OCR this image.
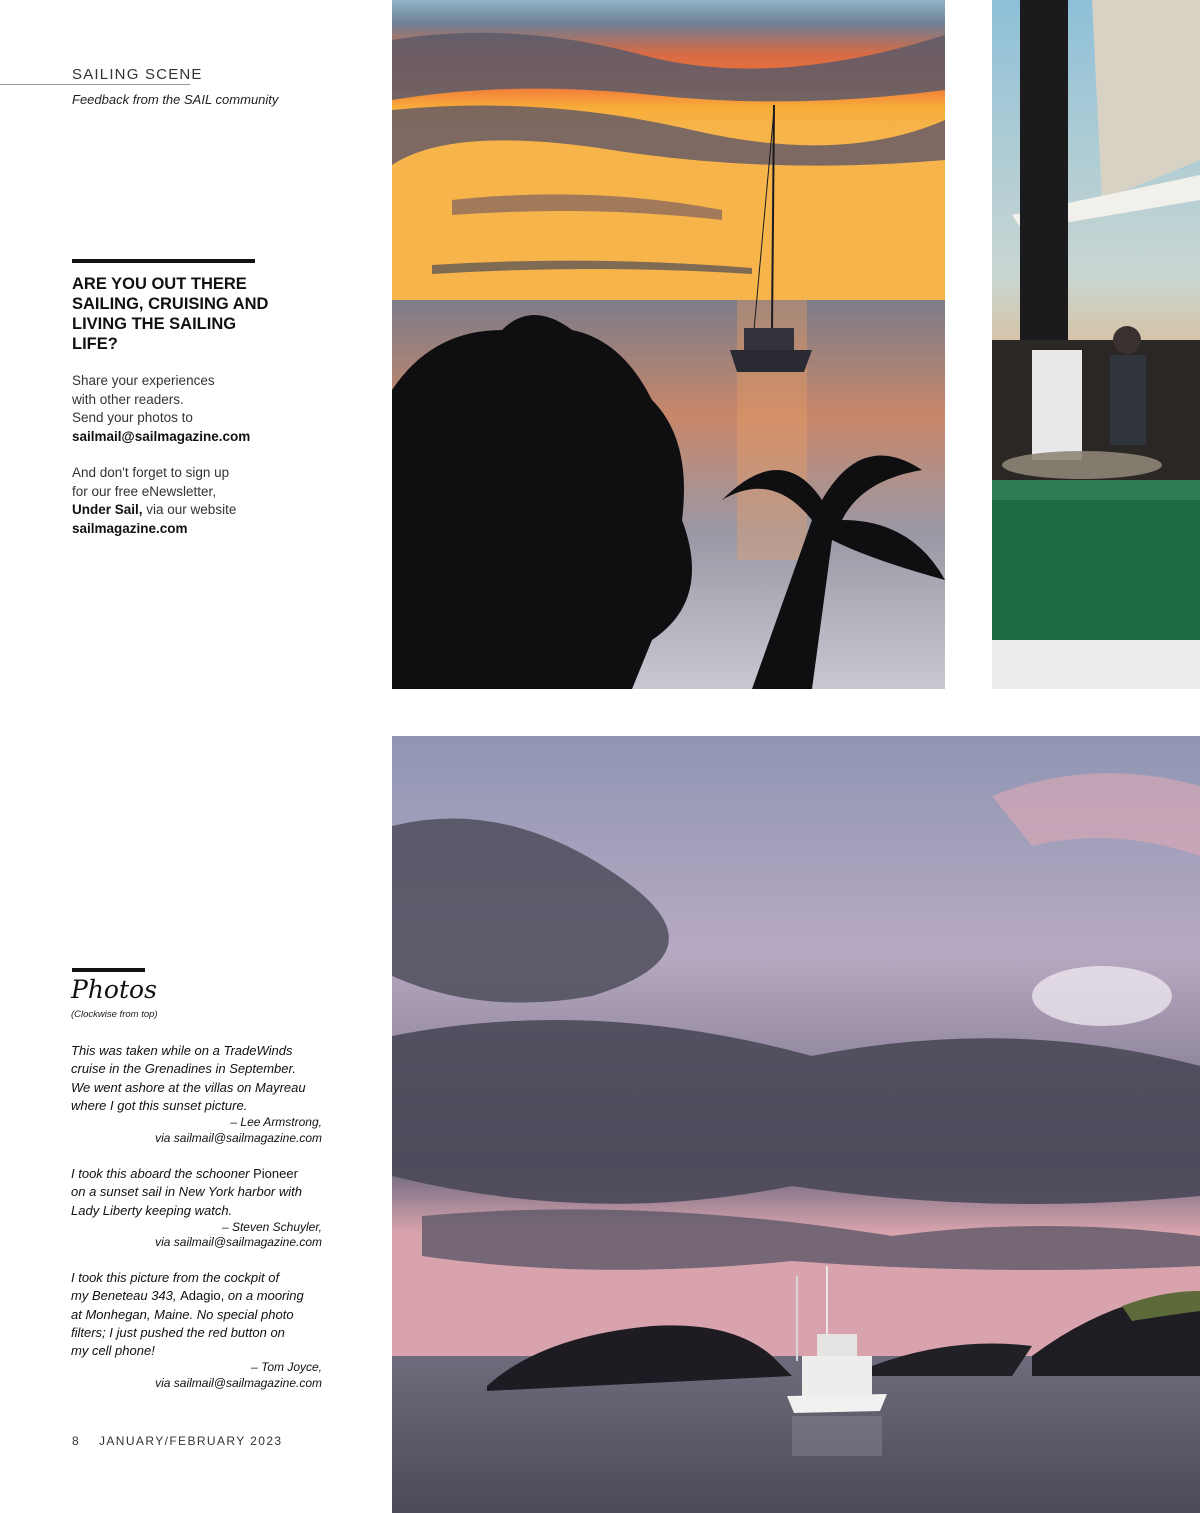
SAILING SCENE
Feedback from the SAIL community
ARE YOU OUT THERE SAILING, CRUISING AND LIVING THE SAILING LIFE?

Share your experiences
with other readers.
Send your photos to
sailmail@sailmagazine.com

And don't forget to sign up
for our free eNewsletter,
Under Sail, via our website
sailmagazine.com

Photos
(Clockwise from top)
This was taken while on a TradeWinds
cruise in the Grenadines in September.
We went ashore at the villas on Mayreau
where I got this sunset picture.
– Lee Armstrong,
via sailmail@sailmagazine.com
I took this aboard the schooner Pioneer
on a sunset sail in New York harbor with
Lady Liberty keeping watch.
– Steven Schuyler,
via sailmail@sailmagazine.com
I took this picture from the cockpit of
my Beneteau 343, Adagio, on a mooring
at Monhegan, Maine. No special photo
filters; I just pushed the red button on
my cell phone!
– Tom Joyce,
via sailmail@sailmagazine.com
8 JANUARY/FEBRUARY 2023
